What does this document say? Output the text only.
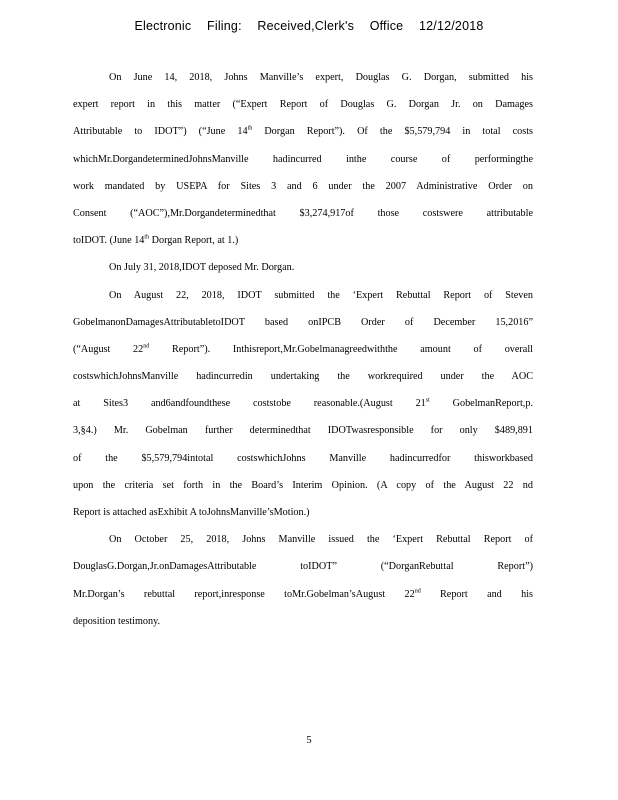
Electronic Filing: Received,Clerk's Office 12/12/2018
On June 14, 2018, Johns Manville’s expert, Douglas G. Dorgan, submitted his
expert report in this matter (“Expert Report of Douglas G. Dorgan Jr. on Damages
Attributable to IDOT”) (“June 14th Dorgan Report”). Of the $5,579,794 in total costs
whichMr.DorgandeterminedJohnsManville hadincurred inthe course of performingthe
work mandated by USEPA for Sites 3 and 6 under the 2007 Administrative Order on
Consent (“AOC”),Mr.Dorgandeterminedthat $3,274,917of those costswere attributable
toIDOT. (June 14th Dorgan Report, at 1.)
On July 31, 2018,IDOT deposed Mr. Dorgan.
On August 22, 2018, IDOT submitted the ‘Expert Rebuttal Report of Steven
GobelmanonDamagesAttributabletoIDOT based onIPCB Order of December 15,2016”
(“August 22nd Report”). Inthisreport,Mr.Gobelmanagreedwiththe amount of overall
costswhichJohnsManville hadincurredin undertaking the workrequired under the AOC
at Sites3 and6andfoundthese coststobe reasonable.(August 21st GobelmanReport,p.
3,§4.) Mr. Gobelman further determinedthat IDOTwasresponsible for only $489,891
of the $5,579,794intotal costswhichJohns Manville hadincurredfor thisworkbased
upon the criteria set forth in the Board’s Interim Opinion. (A copy of the August 22 nd
Report is attached asExhibit A toJohnsManville’sMotion.)
On October 25, 2018, Johns Manville issued the ‘Expert Rebuttal Report of
DouglasG.Dorgan,Jr.onDamagesAttributable toIDOT” (“DorganRebuttal Report”)
Mr.Dorgan’s rebuttal report,inresponse toMr.Gobelman’sAugust 22nd Report and his
deposition testimony.
5
